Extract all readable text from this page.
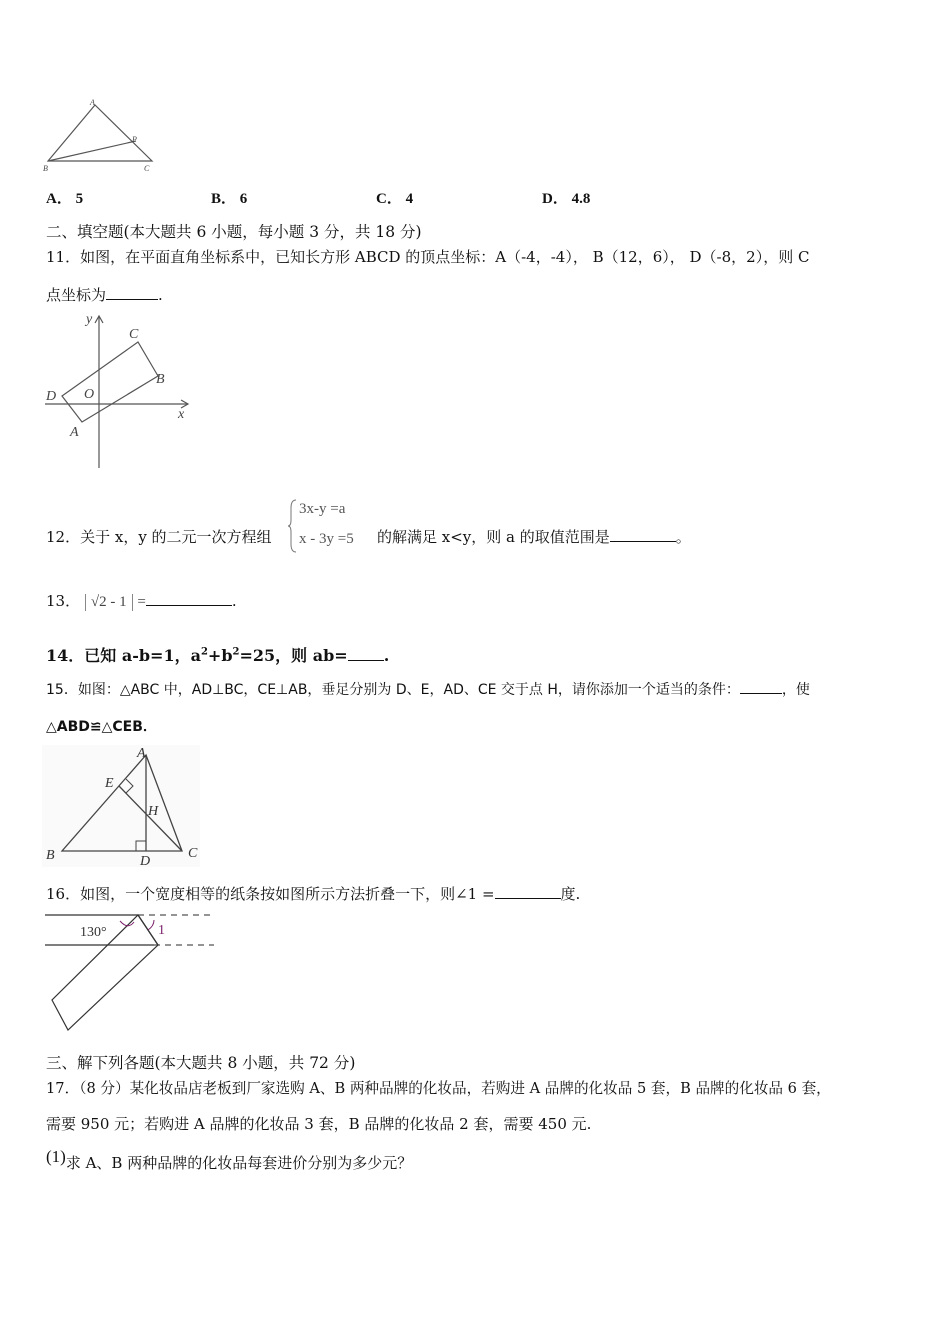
A
B	C
P
A． 5	B． 6	C． 4	D． 4.8
二、填空题(本大题共 6 小题，每小题 3 分，共 18 分)
11．如图，在平面直角坐标系中，已知长方形 ABCD 的顶点坐标：A（-4，-4）， B（12，6）， D（-8，2），则 C
点坐标为	.
y
x
O
A
B
C
D
12．关于 x，y 的二元一次方程组
3x-y =a
x - 3y =5 的解满足 x<y，则 a 的取值范围是	。
13． √2 - 1 =	.
14．已知 a-b=1，$a^2+b^2=25$，则 ab= .
15．如图：△ABC 中，AD⊥BC，CE⊥AB，垂足分别为 D、E，AD、CE 交于点 H，请你添加一个适当的条件：	，使
△ABD≌△CEB．
A
E
H
B	D
C
16．如图，一个宽度相等的纸条按如图所示方法折叠一下，则∠1 =	度.
130°	1
三、解下列各题(本大题共 8 小题，共 72 分)
17．（8 分）某化妆品店老板到厂家选购 A、B 两种品牌的化妆品，若购进 A 品牌的化妆品 5 套，B 品牌的化妆品 6 套，
需要 950 元；若购进 A 品牌的化妆品 3 套，B 品牌的化妆品 2 套，需要 450 元.
(1)求 A、B 两种品牌的化妆品每套进价分别为多少元？
